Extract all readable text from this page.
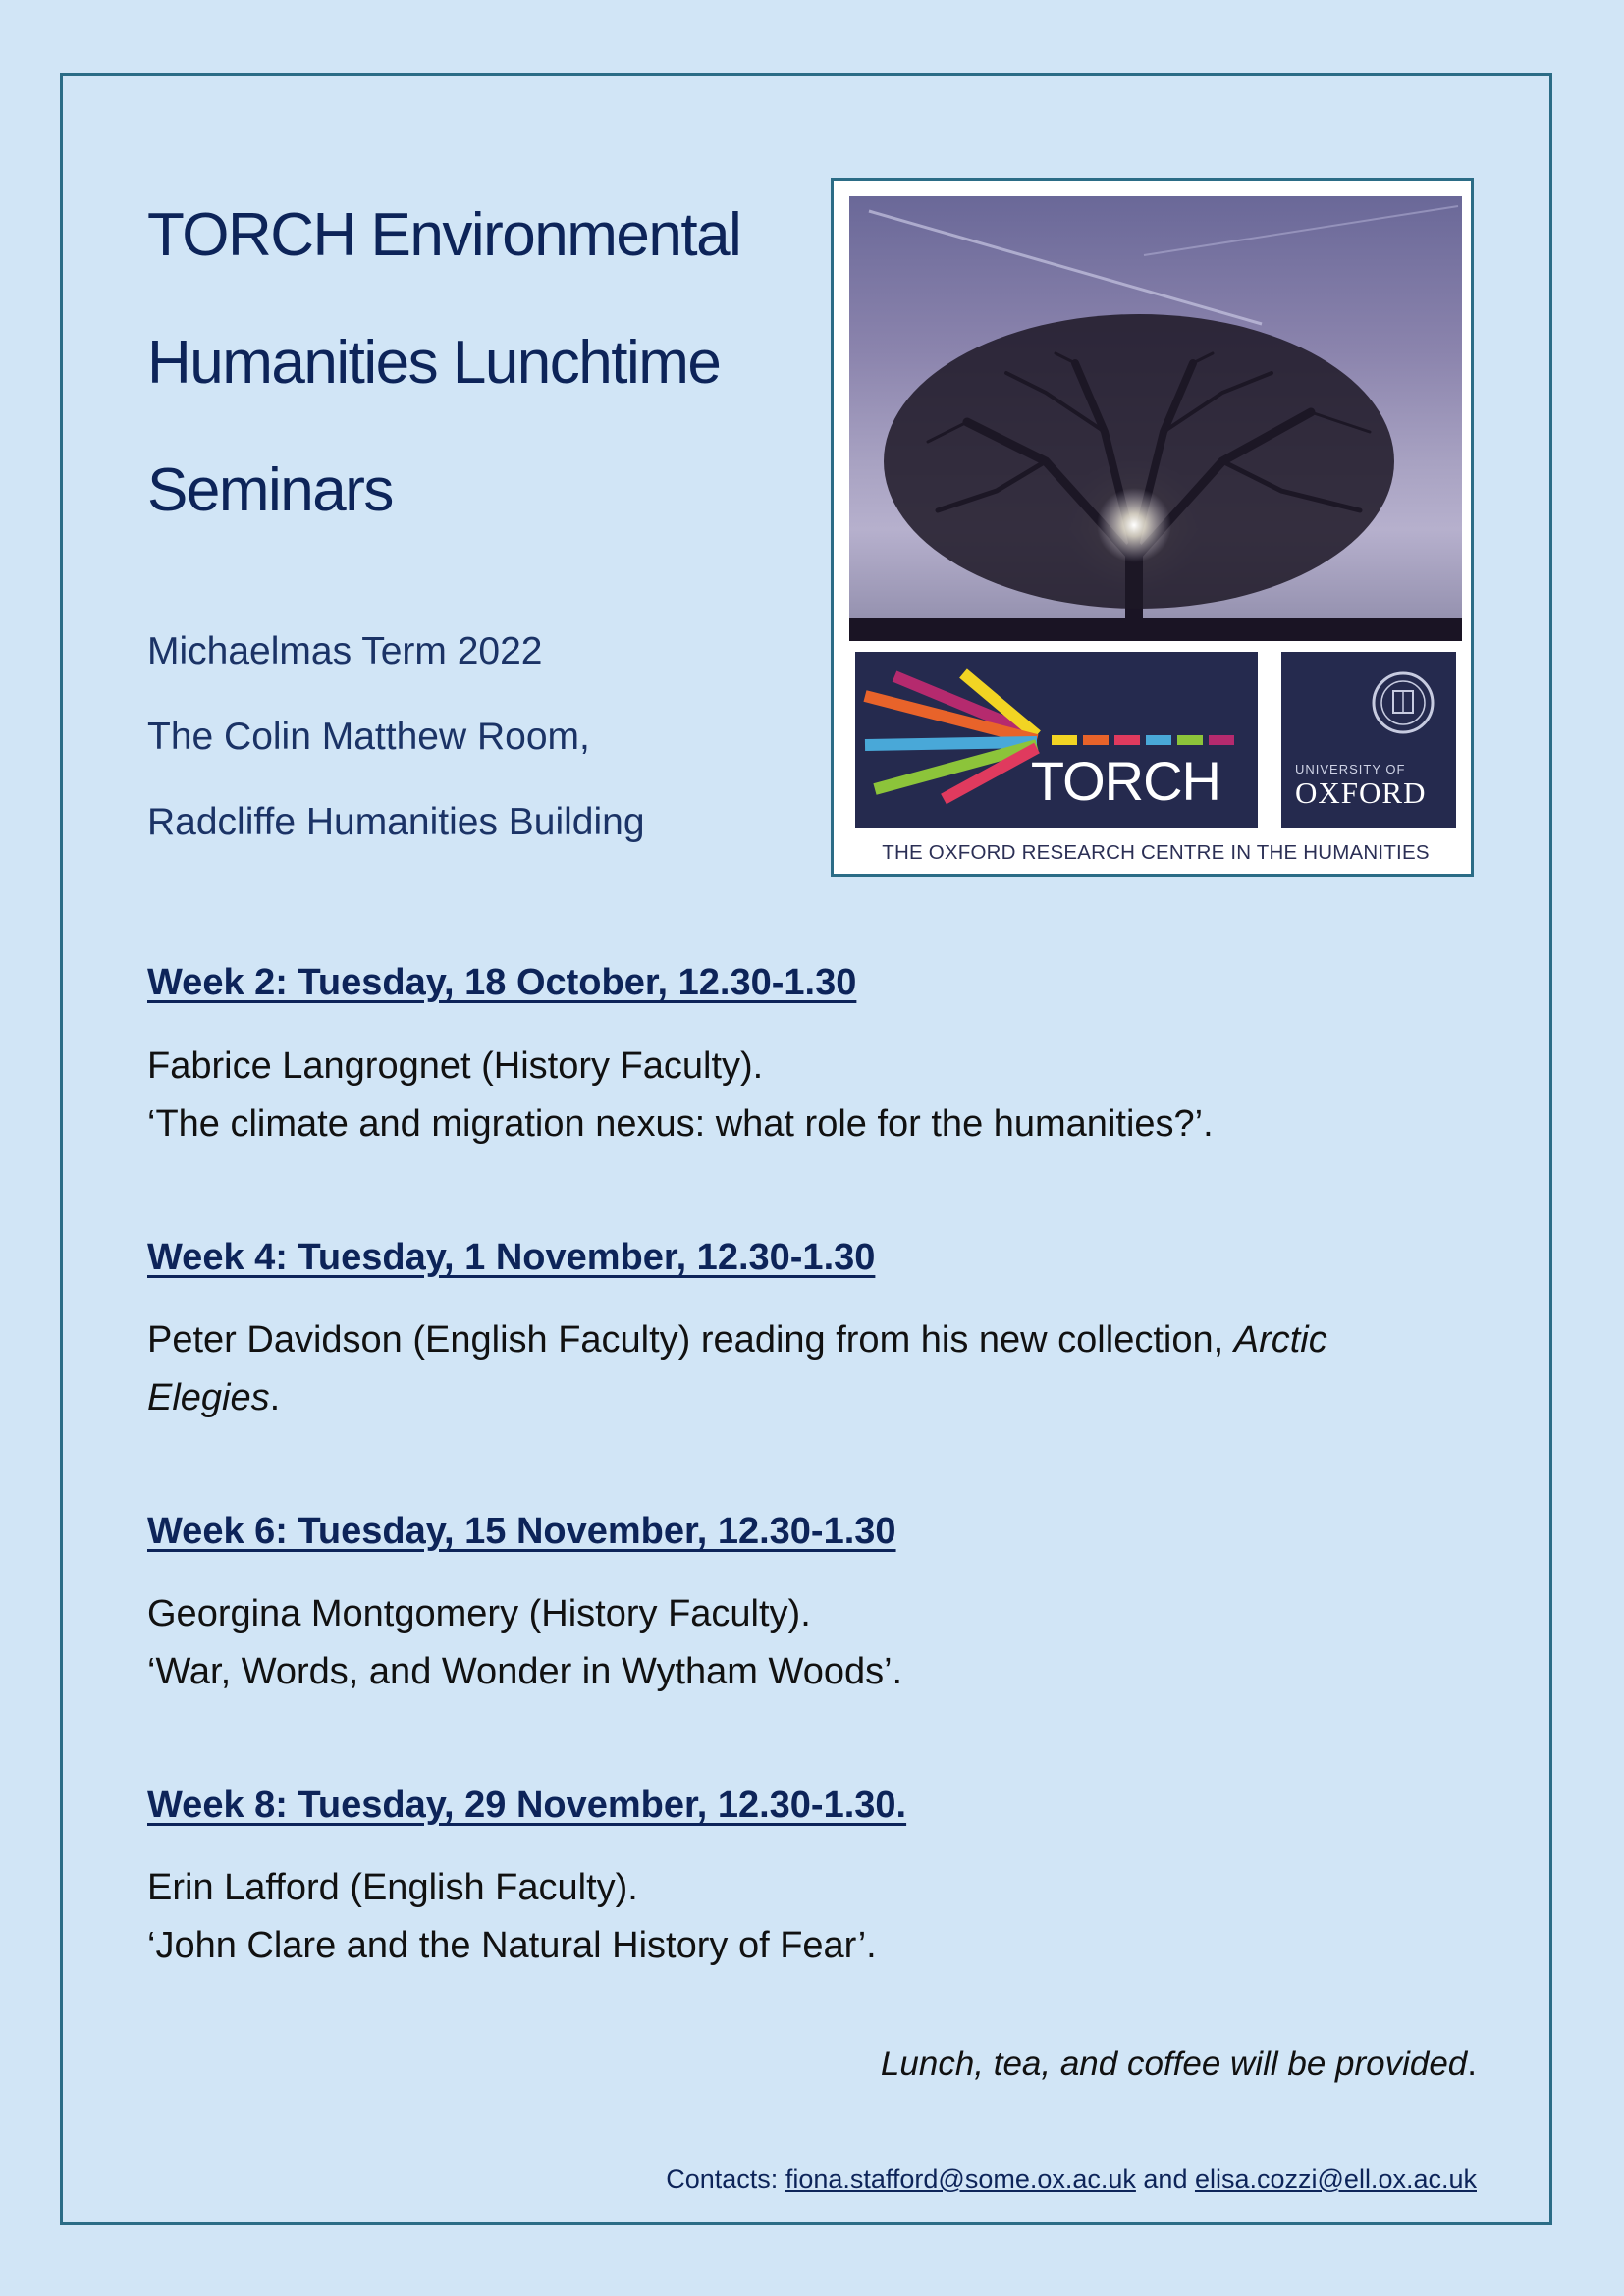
TORCH Environmental
Humanities Lunchtime
Seminars
Michaelmas Term 2022
The Colin Matthew Room,
Radcliffe Humanities Building
TORCH	UNIVERSITY OF
OXFORD
THE OXFORD RESEARCH CENTRE IN THE HUMANITIES
Week 2: Tuesday, 18 October, 12.30-1.30
Fabrice Langrognet (History Faculty).
‘The climate and migration nexus: what role for the humanities?’.
Week 4: Tuesday, 1 November, 12.30-1.30
Peter Davidson (English Faculty) reading from his new collection, Arctic
Elegies.
Week 6: Tuesday, 15 November, 12.30-1.30
Georgina Montgomery (History Faculty).
‘War, Words, and Wonder in Wytham Woods’.
Week 8: Tuesday, 29 November, 12.30-1.30.
Erin Lafford (English Faculty).
‘John Clare and the Natural History of Fear’.
Lunch, tea, and coffee will be provided.
Contacts: fiona.stafford@some.ox.ac.uk and elisa.cozzi@ell.ox.ac.uk
